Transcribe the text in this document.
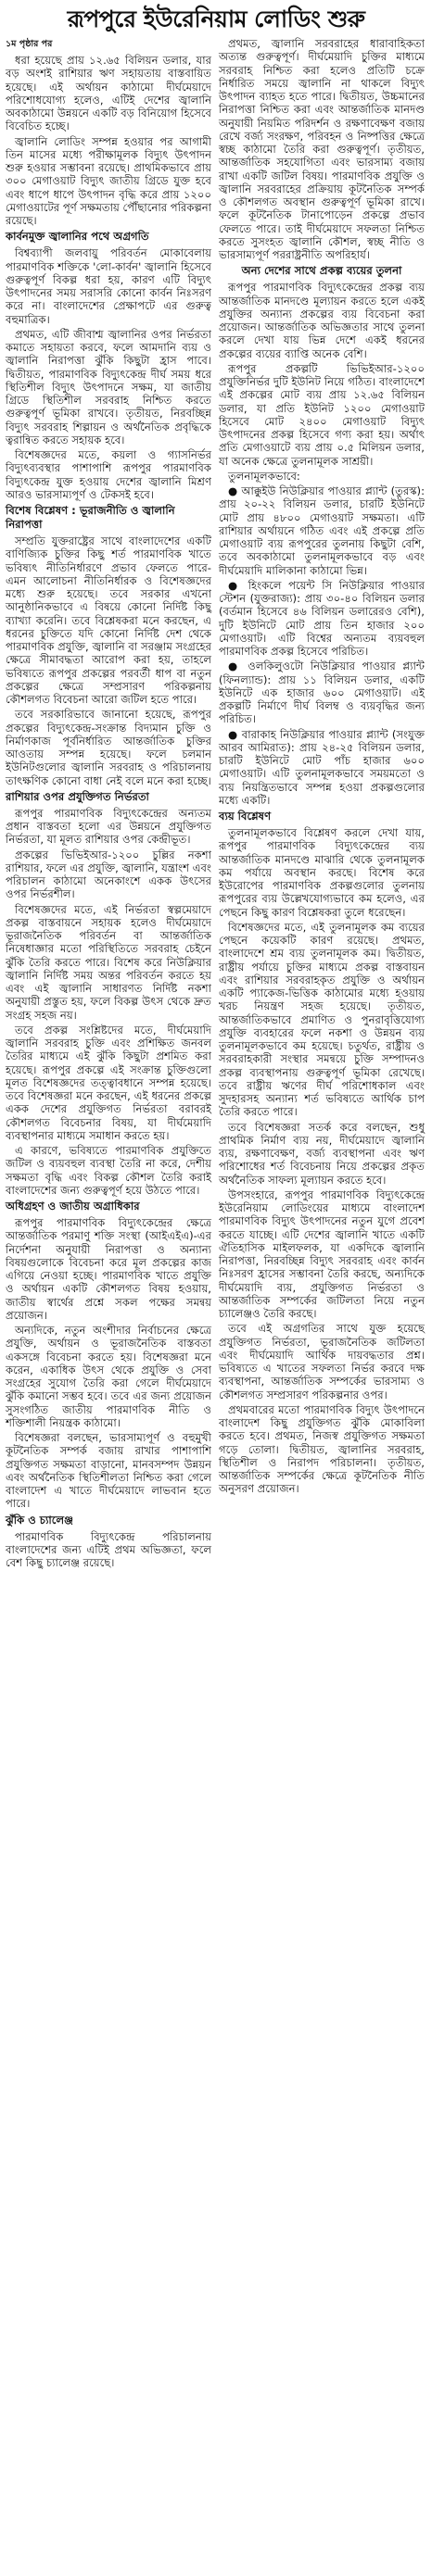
রূপপুরে ইউরেনিয়াম লোডিং শুরু
১ম পৃষ্ঠার পর

ধরা হয়েছে প্রায় ১২.৬৫ বিলিয়ন ডলার, যার বড় অংশই রাশিয়ার ঋণ সহায়তায় বাস্তবায়িত হয়েছে। এই অর্থায়ন কাঠামো দীর্ঘমেয়াদে পরিশোধযোগ্য হলেও, এটিই দেশের জ্বালানি অবকাঠামো উন্নয়নে একটি বড় বিনিয়োগ হিসেবে বিবেচিত হচ্ছে।

জ্বালানি লোডিং সম্পন্ন হওয়ার পর আগামী তিন মাসের মধ্যে পরীক্ষামূলক বিদ্যুৎ উৎপাদন শুরু হওয়ার সম্ভাবনা রয়েছে। প্রাথমিকভাবে প্রায় ৩০০ মেগাওয়াট বিদ্যুৎ জাতীয় গ্রিডে যুক্ত হবে এবং ধাপে ধাপে উৎপাদন বৃদ্ধি করে প্রায় ১২০০ মেগাওয়াটের পূর্ণ সক্ষমতায় পৌঁছানোর পরিকল্পনা রয়েছে।

কার্বনমুক্ত জ্বালানির পথে অগ্রগতি

বিশ্বব্যাপী জলবায়ু পরিবর্তন মোকাবেলায় পারমাণবিক শক্তিকে 'লো-কার্বন' জ্বালানি হিসেবে গুরুত্বপূর্ণ বিকল্প ধরা হয়, কারণ এটি বিদ্যুৎ উৎপাদনের সময় সরাসরি কোনো কার্বন নিঃসরণ করে না। বাংলাদেশের প্রেক্ষাপটে এর গুরুত্ব বহুমাত্রিক।

প্রথমত, এটি জীবাশ্ম জ্বালানির ওপর নির্ভরতা কমাতে সহায়তা করবে, ফলে আমদানি ব্যয় ও জ্বালানি নিরাপত্তা ঝুঁকি কিছুটা হ্রাস পাবে। দ্বিতীয়ত, পারমাণবিক বিদ্যুৎকেন্দ্র দীর্ঘ সময় ধরে স্থিতিশীল বিদ্যুৎ উৎপাদনে সক্ষম, যা জাতীয় গ্রিডে স্থিতিশীল সরবরাহ নিশ্চিত করতে গুরুত্বপূর্ণ ভূমিকা রাখবে। তৃতীয়ত, নিরবচ্ছিন্ন বিদ্যুৎ সরবরাহ শিল্পায়ন ও অর্থনৈতিক প্রবৃদ্ধিকে ত্বরান্বিত করতে সহায়ক হবে।

বিশেষজ্ঞদের মতে, কয়লা ও গ্যাসনির্ভর বিদ্যুৎব্যবস্থার পাশাপাশি রূপপুর পারমাণবিক বিদ্যুৎকেন্দ্র যুক্ত হওয়ায় দেশের জ্বালানি মিশ্রণ আরও ভারসাম্যপূর্ণ ও টেকসই হবে।

বিশেষ বিশ্লেষণ : ভূরাজনীতি ও জ্বালানি নিরাপত্তা

সম্প্রতি যুক্তরাষ্ট্রের সাথে বাংলাদেশের একটি বাণিজ্যিক চুক্তির কিছু শর্ত পারমাণবিক খাতে ভবিষ্যৎ নীতিনির্ধারণে প্রভাব ফেলতে পারে- এমন আলোচনা নীতিনির্ধারক ও বিশেষজ্ঞদের মধ্যে শুরু হয়েছে। তবে সরকার এখনো আনুষ্ঠানিকভাবে এ বিষয়ে কোনো নির্দিষ্ট কিছু ব্যাখ্যা করেনি। তবে বিশ্লেষকরা মনে করছেন, এ ধরনের চুক্তিতে যদি কোনো নির্দিষ্ট দেশ থেকে পারমাণবিক প্রযুক্তি, জ্বালানি বা সরঞ্জাম সংগ্রহের ক্ষেত্রে সীমাবদ্ধতা আরোপ করা হয়, তাহলে ভবিষ্যতে রূপপুর প্রকল্পের পরবর্তী ধাপ বা নতুন প্রকল্পের ক্ষেত্রে সম্প্রসারণ পরিকল্পনায় কৌশলগত বিবেচনা আরো জটিল হতে পারে।

তবে সরকারিভাবে জানানো হয়েছে, রূপপুর প্রকল্পের বিদ্যুৎকেন্দ্র-সংক্রান্ত বিদ্যমান চুক্তি ও নির্মাণকাজ পূর্বনির্ধারিত আন্তর্জাতিক চুক্তির আওতায় সম্পন্ন হয়েছে। ফলে চলমান ইউনিটগুলোর জ্বালানি সরবরাহ ও পরিচালনায় তাৎক্ষণিক কোনো বাধা নেই বলে মনে করা হচ্ছে।

রাশিয়ার ওপর প্রযুক্তিগত নির্ভরতা

রূপপুর পারমাণবিক বিদ্যুৎকেন্দ্রের অন্যতম প্রধান বাস্তবতা হলো এর উন্নয়নে প্রযুক্তিগত নির্ভরতা, যা মূলত রাশিয়ার ওপর কেন্দ্রীভূত।

প্রকল্পের ভিভিইআর-১২০০ চুল্লির নকশা রাশিয়ার, ফলে এর প্রযুক্তি, জ্বালানি, যন্ত্রাংশ এবং পরিচালন কাঠামো অনেকাংশে একক উৎসের ওপর নির্ভরশীল।

বিশেষজ্ঞদের মতে, এই নির্ভরতা স্বল্পমেয়াদে প্রকল্প বাস্তবায়নে সহায়ক হলেও দীর্ঘমেয়াদে ভূরাজনৈতিক পরিবর্তন বা আন্তর্জাতিক নিষেধাজ্ঞার মতো পরিস্থিতিতে সরবরাহ চেইনে ঝুঁকি তৈরি করতে পারে। বিশেষ করে নিউক্লিয়ার জ্বালানি নির্দিষ্ট সময় অন্তর পরিবর্তন করতে হয় এবং এই জ্বালানি সাধারণত নির্দিষ্ট নকশা অনুযায়ী প্রস্তুত হয়, ফলে বিকল্প উৎস থেকে দ্রুত সংগ্রহ সহজ নয়।

তবে প্রকল্প সংশ্লিষ্টদের মতে, দীর্ঘমেয়াদি জ্বালানি সরবরাহ চুক্তি এবং প্রশিক্ষিত জনবল তৈরির মাধ্যমে এই ঝুঁকি কিছুটা প্রশমিত করা হয়েছে। রূপপুর প্রকল্পে এই সংক্রান্ত চুক্তিগুলো মূলত বিশেষজ্ঞদের তত্ত্বাবধানে সম্পন্ন হয়েছে। তবে বিশেষজ্ঞরা মনে করছেন, এই ধরনের প্রকল্পে একক দেশের প্রযুক্তিগত নির্ভরতা বরাবরই কৌশলগত বিবেচনার বিষয়, যা দীর্ঘমেয়াদি ব্যবস্থাপনার মাধ্যমে সমাধান করতে হয়।

এ কারণে, ভবিষ্যতে পারমাণবিক প্রযুক্তিতে জটিল ও ব্যয়বহুল ব্যবস্থা তৈরি না করে, দেশীয় সক্ষমতা বৃদ্ধি এবং বিকল্প কৌশল তৈরি করাই বাংলাদেশের জন্য গুরুত্বপূর্ণ হয়ে উঠতে পারে।

অধিগ্রহণ ও জাতীয় অগ্রাধিকার

রূপপুর পারমাণবিক বিদ্যুৎকেন্দ্রের ক্ষেত্রে আন্তর্জাতিক পরমাণু শক্তি সংস্থা (আইএইএ)-এর নির্দেশনা অনুযায়ী নিরাপত্তা ও অন্যান্য বিষয়গুলোকে বিবেচনা করে মূল প্রকল্পের কাজ এগিয়ে নেওয়া হচ্ছে। পারমাণবিক খাতে প্রযুক্তি ও অর্থায়ন একটি কৌশলগত বিষয় হওয়ায়, জাতীয় স্বার্থের প্রশ্নে সকল পক্ষের সমন্বয় প্রয়োজন।

অন্যদিকে, নতুন অংশীদার নির্বাচনের ক্ষেত্রে প্রযুক্তি, অর্থায়ন ও ভূরাজনৈতিক বাস্তবতা একসঙ্গে বিবেচনা করতে হয়। বিশেষজ্ঞরা মনে করেন, একাধিক উৎস থেকে প্রযুক্তি ও সেবা সংগ্রহের সুযোগ তৈরি করা গেলে দীর্ঘমেয়াদে ঝুঁকি কমানো সম্ভব হবে। তবে এর জন্য প্রয়োজন সুসংগঠিত জাতীয় পারমাণবিক নীতি ও শক্তিশালী নিয়ন্ত্রক কাঠামো।

বিশেষজ্ঞরা বলছেন, ভারসাম্যপূর্ণ ও বহুমুখী কূটনৈতিক সম্পর্ক বজায় রাখার পাশাপাশি প্রযুক্তিগত সক্ষমতা বাড়ানো, মানবসম্পদ উন্নয়ন এবং অর্থনৈতিক স্থিতিশীলতা নিশ্চিত করা গেলে বাংলাদেশ এ খাতে দীর্ঘমেয়াদে লাভবান হতে পারে।

ঝুঁকি ও চ্যালেঞ্জ

পারমাণবিক বিদ্যুৎকেন্দ্র পরিচালনায় বাংলাদেশের জন্য এটিই প্রথম অভিজ্ঞতা, ফলে বেশ কিছু চ্যালেঞ্জ রয়েছে।

প্রথমত, জ্বালানি সরবরাহের ধারাবাহিকতা অত্যন্ত গুরুত্বপূর্ণ। দীর্ঘমেয়াদি চুক্তির মাধ্যমে সরবরাহ নিশ্চিত করা হলেও প্রতিটি চক্রে নির্ধারিত সময়ে জ্বালানি না থাকলে বিদ্যুৎ উৎপাদন ব্যাহত হতে পারে। দ্বিতীয়ত, উচ্চমানের নিরাপত্তা নিশ্চিত করা এবং আন্তর্জাতিক মানদণ্ড অনুযায়ী নিয়মিত পরিদর্শন ও রক্ষণাবেক্ষণ বজায় রেখে বর্জ্য সংরক্ষণ, পরিবহন ও নিষ্পত্তির ক্ষেত্রে স্বচ্ছ কাঠামো তৈরি করা গুরুত্বপূর্ণ। তৃতীয়ত, আন্তর্জাতিক সহযোগিতা এবং ভারসাম্য বজায় রাখা একটি জটিল বিষয়। পারমাণবিক প্রযুক্তি ও জ্বালানি সরবরাহের প্রক্রিয়ায় কূটনৈতিক সম্পর্ক ও কৌশলগত অবস্থান গুরুত্বপূর্ণ ভূমিকা রাখে। ফলে কূটনৈতিক টানাপোড়েন প্রকল্পে প্রভাব ফেলতে পারে। তাই দীর্ঘমেয়াদে সফলতা নিশ্চিত করতে সুসংহত জ্বালানি কৌশল, স্বচ্ছ নীতি ও ভারসাম্যপূর্ণ পররাষ্ট্রনীতি অপরিহার্য।

অন্য দেশের সাথে প্রকল্প ব্যয়ের তুলনা

রূপপুর পারমাণবিক বিদ্যুৎকেন্দ্রের প্রকল্প ব্যয় আন্তর্জাতিক মানদণ্ডে মূল্যায়ন করতে হলে একই প্রযুক্তির অন্যান্য প্রকল্পের ব্যয় বিবেচনা করা প্রয়োজন। আন্তর্জাতিক অভিজ্ঞতার সাথে তুলনা করলে দেখা যায় ভিন্ন দেশে একই ধরনের প্রকল্পের ব্যয়ের ব্যাপ্তি অনেক বেশি।

রূপপুর প্রকল্পটি ভিভিইআর-১২০০ প্রযুক্তিনির্ভর দুটি ইউনিট নিয়ে গঠিত। বাংলাদেশে এই প্রকল্পের মোট ব্যয় প্রায় ১২.৬৫ বিলিয়ন ডলার, যা প্রতি ইউনিট ১২০০ মেগাওয়াট হিসেবে মোট ২৪০০ মেগাওয়াট বিদ্যুৎ উৎপাদনের প্রকল্প হিসেবে গণ্য করা হয়। অর্থাৎ প্রতি মেগাওয়াটে ব্যয় প্রায় ০.৫ মিলিয়ন ডলার, যা অনেক ক্ষেত্রে তুলনামূলক সাশ্রয়ী।

তুলনামূলকভাবে:

● আক্কুইউ নিউক্লিয়ার পাওয়ার প্ল্যান্ট (তুরস্ক): প্রায় ২০-২২ বিলিয়ন ডলার, চারটি ইউনিটে মোট প্রায় ৪৮০০ মেগাওয়াট সক্ষমতা। এটি রাশিয়ার অর্থায়নে গঠিত এবং এই প্রকল্পে প্রতি মেগাওয়াট ব্যয় রূপপুরের তুলনায় কিছুটা বেশি, তবে অবকাঠামো তুলনামূলকভাবে বড় এবং দীর্ঘমেয়াদি মালিকানা কাঠামো ভিন্ন।

● হিংকলে পয়েন্ট সি নিউক্লিয়ার পাওয়ার স্টেশন (যুক্তরাজ্য): প্রায় ৩০-৪০ বিলিয়ন ডলার (বর্তমান হিসেবে ৪৬ বিলিয়ন ডলারেরও বেশি), দুটি ইউনিটে মোট প্রায় তিন হাজার ২০০ মেগাওয়াট। এটি বিশ্বের অন্যতম ব্যয়বহুল পারমাণবিক প্রকল্প হিসেবে পরিচিত।

● ওলকিলুওটো নিউক্লিয়ার পাওয়ার প্ল্যান্ট (ফিনল্যান্ড): প্রায় ১১ বিলিয়ন ডলার, একটি ইউনিটে এক হাজার ৬০০ মেগাওয়াট। এই প্রকল্পটি নির্মাণে দীর্ঘ বিলম্ব ও ব্যয়বৃদ্ধির জন্য পরিচিত।

● বারাকাহ নিউক্লিয়ার পাওয়ার প্ল্যান্ট (সংযুক্ত আরব আমিরাত): প্রায় ২৪-২৫ বিলিয়ন ডলার, চারটি ইউনিটে মোট পাঁচ হাজার ৬০০ মেগাওয়াট। এটি তুলনামূলকভাবে সময়মতো ও ব্যয় নিয়ন্ত্রিতভাবে সম্পন্ন হওয়া প্রকল্পগুলোর মধ্যে একটি।

ব্যয় বিশ্লেষণ

তুলনামূলকভাবে বিশ্লেষণ করলে দেখা যায়, রূপপুর পারমাণবিক বিদ্যুৎকেন্দ্রের ব্যয় আন্তর্জাতিক মানদণ্ডে মাঝারি থেকে তুলনামূলক কম পর্যায়ে অবস্থান করছে। বিশেষ করে ইউরোপের পারমাণবিক প্রকল্পগুলোর তুলনায় রূপপুরের ব্যয় উল্লেখযোগ্যভাবে কম হলেও, এর পেছনে কিছু কারণ বিশ্লেষকরা তুলে ধরেছেন।

বিশেষজ্ঞদের মতে, এই তুলনামূলক কম ব্যয়ের পেছনে কয়েকটি কারণ রয়েছে। প্রথমত, বাংলাদেশে শ্রম ব্যয় তুলনামূলক কম। দ্বিতীয়ত, রাষ্ট্রীয় পর্যায়ে চুক্তির মাধ্যমে প্রকল্প বাস্তবায়ন এবং রাশিয়ার সরবরাহকৃত প্রযুক্তি ও অর্থায়ন একটি প্যাকেজ-ভিত্তিক কাঠামোর মধ্যে হওয়ায় খরচ নিয়ন্ত্রণ সহজ হয়েছে। তৃতীয়ত, আন্তর্জাতিকভাবে প্রমাণিত ও পুনরাবৃত্তিযোগ্য প্রযুক্তি ব্যবহারের ফলে নকশা ও উন্নয়ন ব্যয় তুলনামূলকভাবে কম হয়েছে। চতুর্থত, রাষ্ট্রীয় ও সরবরাহকারী সংস্থার সমন্বয়ে চুক্তি সম্পাদনও প্রকল্প ব্যবস্থাপনায় গুরুত্বপূর্ণ ভূমিকা রেখেছে। তবে রাষ্ট্রীয় ঋণের দীর্ঘ পরিশোধকাল এবং সুদহারসহ অন্যান্য শর্ত ভবিষ্যতে আর্থিক চাপ তৈরি করতে পারে।

তবে বিশেষজ্ঞরা সতর্ক করে বলছেন, শুধু প্রাথমিক নির্মাণ ব্যয় নয়, দীর্ঘমেয়াদে জ্বালানি ব্যয়, রক্ষণাবেক্ষণ, বর্জ্য ব্যবস্থাপনা এবং ঋণ পরিশোধের শর্ত বিবেচনায় নিয়ে প্রকল্পের প্রকৃত অর্থনৈতিক সাফল্য মূল্যায়ন করতে হবে।

উপসংহারে, রূপপুর পারমাণবিক বিদ্যুৎকেন্দ্রে ইউরেনিয়াম লোডিংয়ের মাধ্যমে বাংলাদেশ পারমাণবিক বিদ্যুৎ উৎপাদনের নতুন যুগে প্রবেশ করতে যাচ্ছে। এটি দেশের জ্বালানি খাতে একটি ঐতিহাসিক মাইলফলক, যা একদিকে জ্বালানি নিরাপত্তা, নিরবচ্ছিন্ন বিদ্যুৎ সরবরাহ এবং কার্বন নিঃসরণ হ্রাসের সম্ভাবনা তৈরি করছে, অন্যদিকে দীর্ঘমেয়াদি ব্যয়, প্রযুক্তিগত নির্ভরতা ও আন্তর্জাতিক সম্পর্কের জটিলতা নিয়ে নতুন চ্যালেঞ্জও তৈরি করছে।

তবে এই অগ্রগতির সাথে যুক্ত হয়েছে প্রযুক্তিগত নির্ভরতা, ভূরাজনৈতিক জটিলতা এবং দীর্ঘমেয়াদি আর্থিক দায়বদ্ধতার প্রশ্ন। ভবিষ্যতে এ খাতের সফলতা নির্ভর করবে দক্ষ ব্যবস্থাপনা, আন্তর্জাতিক সম্পর্কের ভারসাম্য ও কৌশলগত সম্প্রসারণ পরিকল্পনার ওপর।

প্রথমবারের মতো পারমাণবিক বিদ্যুৎ উৎপাদনে বাংলাদেশ কিছু প্রযুক্তিগত ঝুঁকি মোকাবিলা করতে হবে। প্রথমত, নিজস্ব প্রযুক্তিগত সক্ষমতা গড়ে তোলা। দ্বিতীয়ত, জ্বালানির সরবরাহ, স্থিতিশীল ও নিরাপদ পরিচালনা। তৃতীয়ত, আন্তর্জাতিক সম্পর্কের ক্ষেত্রে কূটনৈতিক নীতি অনুসরণ প্রয়োজন।
